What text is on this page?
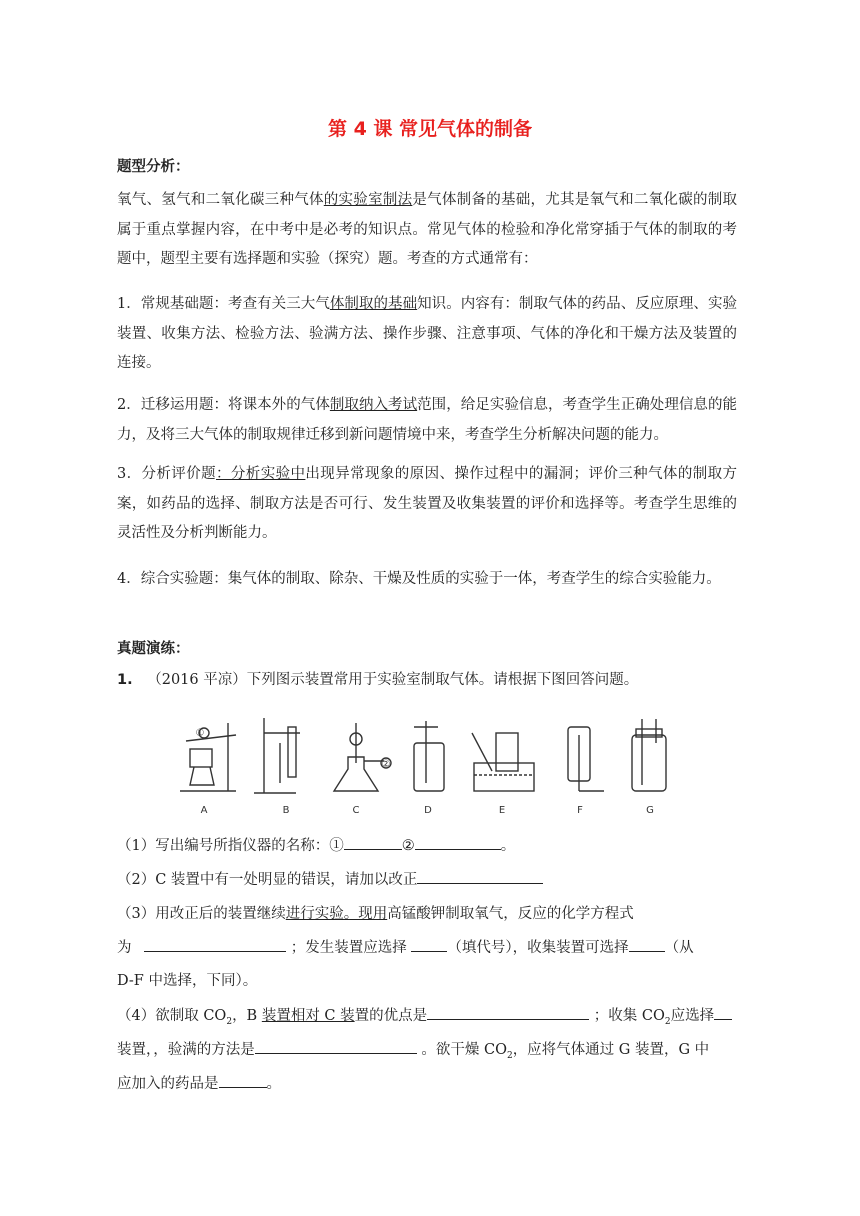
第 4 课 常见气体的制备
题型分析：
氧气、氢气和二氧化碳三种气体的实验室制法是气体制备的基础，尤其是氧气和二氧化碳的制取属于重点掌握内容，在中考中是必考的知识点。常见气体的检验和净化常穿插于气体的制取的考题中，题型主要有选择题和实验（探究）题。考查的方式通常有：
1．常规基础题：考查有关三大气体制取的基础知识。内容有：制取气体的药品、反应原理、实验装置、收集方法、检验方法、验满方法、操作步骤、注意事项、气体的净化和干燥方法及装置的连接。
2．迁移运用题：将课本外的气体制取纳入考试范围，给足实验信息，考查学生正确处理信息的能力，及将三大气体的制取规律迁移到新问题情境中来，考查学生分析解决问题的能力。
3．分析评价题：分析实验中出现异常现象的原因、操作过程中的漏洞；评价三种气体的制取方案，如药品的选择、制取方法是否可行、发生装置及收集装置的评价和选择等。考查学生思维的灵活性及分析判断能力。
4．综合实验题：集气体的制取、除杂、干燥及性质的实验于一体，考查学生的综合实验能力。
真题演练：
1. （2016 平凉）下列图示装置常用于实验室制取气体。请根据下图回答问题。
A	B	C	D	E	F	G
①
②
（1）写出编号所指仪器的名称：①	②	。
（2）C 装置中有一处明显的错误，请加以改正
（3）用改正后的装置继续进行实验。现用高锰酸钾制取氧气，反应的化学方程式
为	；发生装置应选择	（填代号），收集装置可选择 （从
D-F 中选择，下同）。
（4）欲制取 $CO_2$，B 装置相对 C 装置的优点是	；收集 $CO_2$应选择
装置，，验满的方法是	。欲干燥 $CO_2$，应将气体通过 G 装置，G 中
应加入的药品是	。
